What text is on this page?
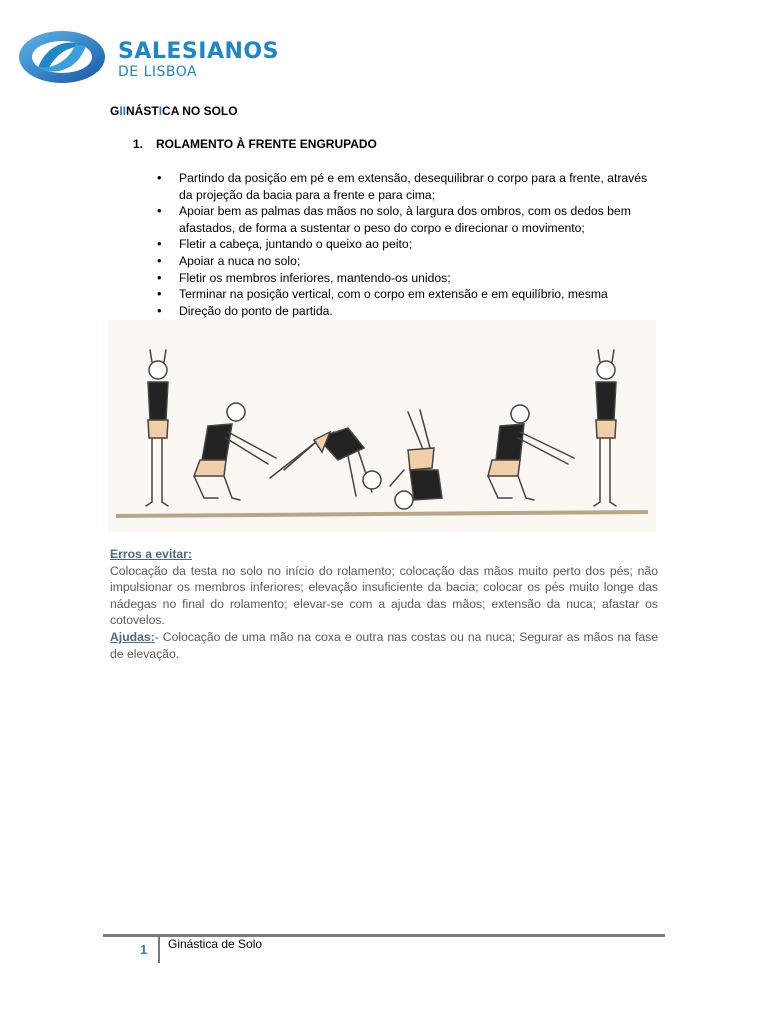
SALESIANOS
DE LISBOA
GIINÁSTICA NO SOLO
1. ROLAMENTO À FRENTE ENGRUPADO
• Partindo da posição em pé e em extensão, desequilibrar o corpo para a frente, através da projeção da bacia para a frente e para cima;
• Apoiar bem as palmas das mãos no solo, à largura dos ombros, com os dedos bem afastados, de forma a sustentar o peso do corpo e direcionar o movimento;
• Fletir a cabeça, juntando o queixo ao peito;
• Apoiar a nuca no solo;
• Fletir os membros inferiores, mantendo-os unidos;
• Terminar na posição vertical, com o corpo em extensão e em equilíbrio, mesma
• Direção do ponto de partida.

Erros a evitar:

Colocação da testa no solo no início do rolamento; colocação das mãos muito perto dos pés; não impulsionar os membros inferiores; elevação insuficiente da bacia; colocar os pés muito longe das nádegas no final do rolamento; elevar-se com a ajuda das mãos; extensão da nuca; afastar os cotovelos.

Ajudas:- Colocação de uma mão na coxa e outra nas costas ou na nuca; Segurar as mãos na fase de elevação.

1 Ginástica de Solo
